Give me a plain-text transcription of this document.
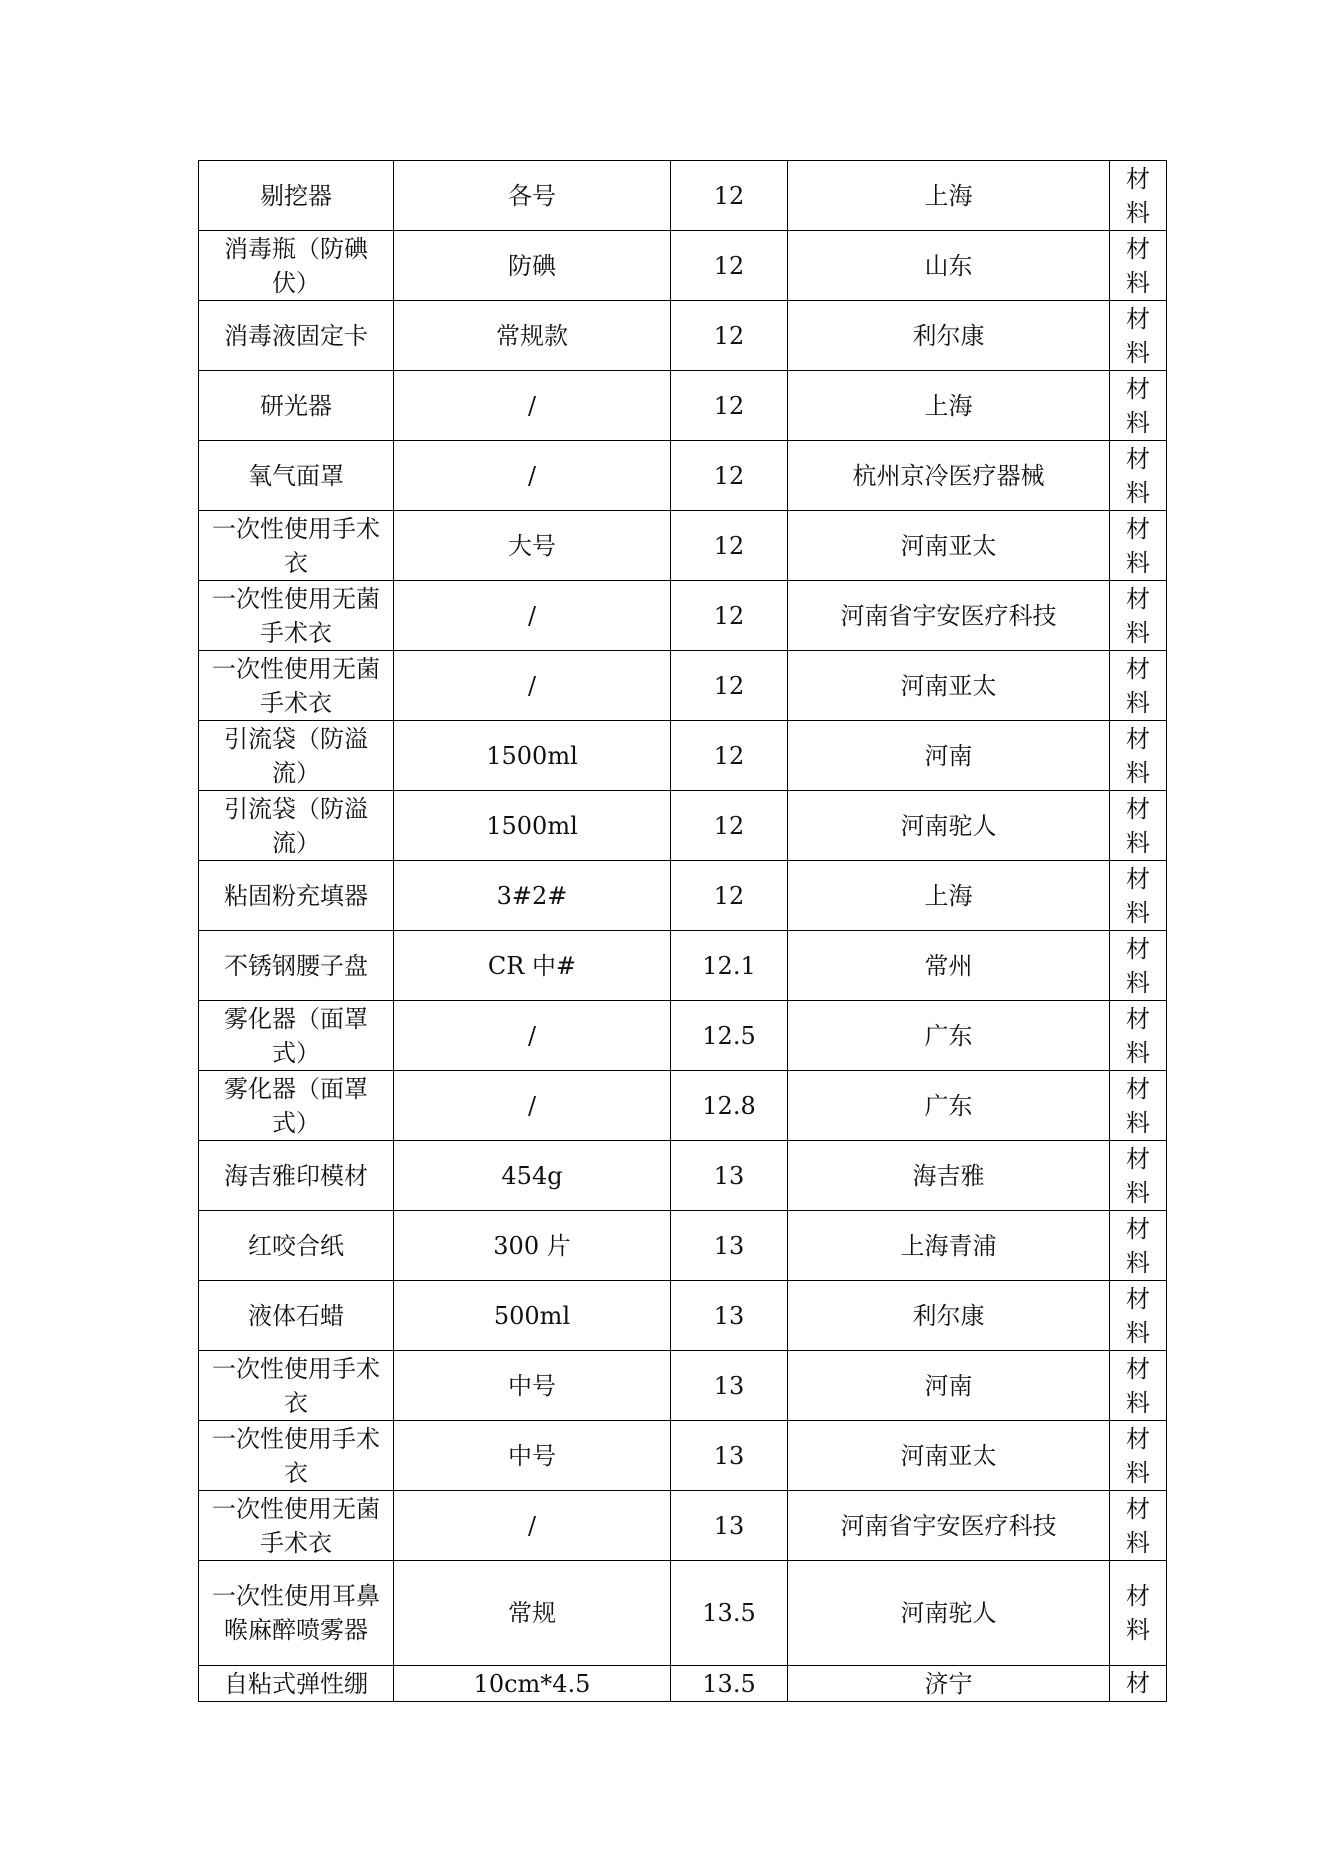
剔挖器	各号	12	上海	材料

消毒瓶（防碘伏）	防碘	12	山东	材料

消毒液固定卡	常规款	12	利尔康	材料

研光器	/	12	上海	材料

氧气面罩	/	12	杭州京冷医疗器械	材料

一次性使用手术衣	大号	12	河南亚太	材料

一次性使用无菌手术衣	/	12	河南省宇安医疗科技	材料

一次性使用无菌手术衣	/	12	河南亚太	材料

引流袋（防溢流）	1500ml	12	河南	材料

引流袋（防溢流）	1500ml	12	河南驼人	材料

粘固粉充填器	3#2#	12	上海	材料

不锈钢腰子盘	CR 中#	12.1	常州	材料

雾化器（面罩式）	/	12.5	广东	材料

雾化器（面罩式）	/	12.8	广东	材料

海吉雅印模材	454g	13	海吉雅	材料

红咬合纸	300 片	13	上海青浦	材料

液体石蜡	500ml	13	利尔康	材料

一次性使用手术衣	中号	13	河南	材料

一次性使用手术衣	中号	13	河南亚太	材料

一次性使用无菌手术衣	/	13	河南省宇安医疗科技	材料

一次性使用耳鼻喉麻醉喷雾器	常规	13.5	河南驼人	材料

自粘式弹性绷	10cm*4.5	13.5	济宁	材
